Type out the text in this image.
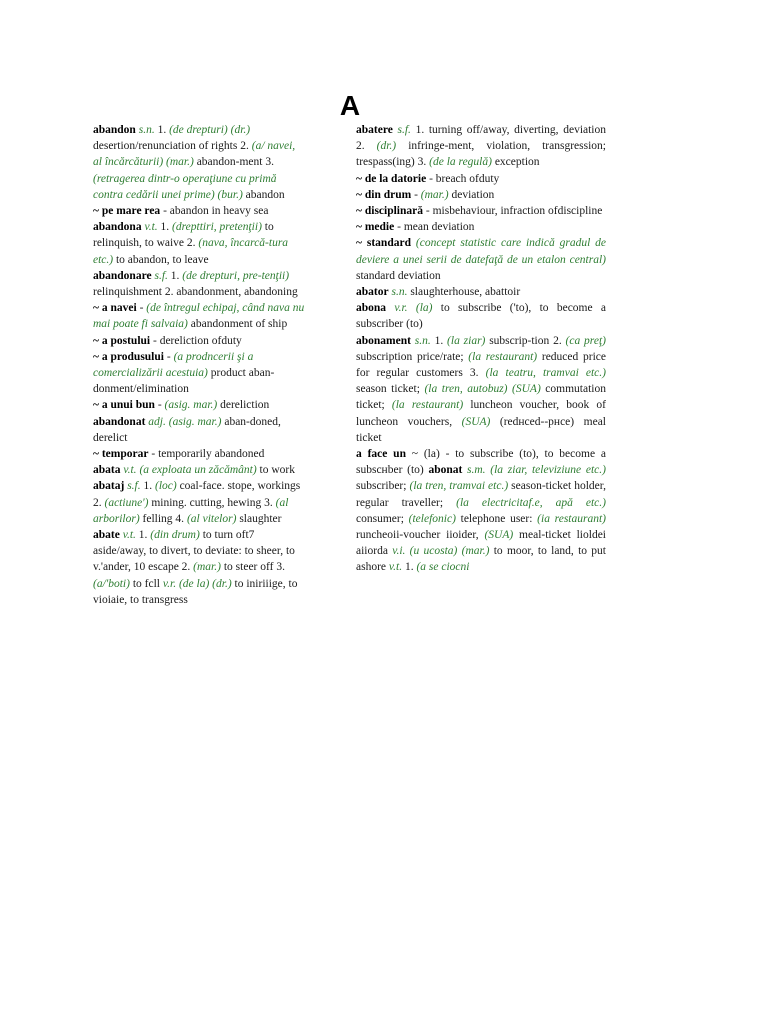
A

abandon s.n. 1. (de drepturi) (dr.) desertion/renunciation of rights 2. (a/ navei, al încărcăturii) (mar.) abandon-ment 3. (retragerea dintr-o operaţiune cu primă contra cedării unei prime) (bur.) abandon

~ pe mare rea - abandon in heavy sea

abandona v.t. 1. (drepttiri, pretenţii) to relinquish, to waive 2. (nava, încarcă-tura etc.) to abandon, to leave

abandonare s.f. 1. (de drepturi, pre-tenţii) relinquishment 2. abandonment, abandoning

~ a navei - (de întregul echipaj, când nava nu mai poate fi salvaia) abandonment of ship

~ a postului - dereliction ofduty

~ a produsului - (a prodncerii şi a comercializării acestuia) product aban-donment/elimination

~ a unui bun - (asig. mar.) dereliction

abandonat adj. (asig. mar.) aban-doned, derelict

~ temporar - temporarily abandoned

abata v.t. (a exploata un zăcământ) to work

abataj s.f. 1. (loc) coal-face. stope, workings 2. (actiune') mining. cutting, hewing 3. (al arborilor) felling 4. (al vitelor) slaughter

abate v.t. 1. (din drum) to turn oft7 aside/away, to divert, to deviate: to sheer, to v.'ander, 10 escape 2. (mar.) to steer off 3. (a/'boti) to fcll v.r. (de la) (dr.) to iniriiige, to vioiaie, to transgress

abatere s.f. 1. turning off/away, diverting, deviation 2. (dr.) infringe-ment, violation, transgression; trespass(ing) 3. (de la regulă) exception

~ de la datorie - breach ofduty

~ din drum - (mar.) deviation

~ disciplinară - misbehaviour, infraction ofdiscipline

~ medie - mean deviation

~ standard (concept statistic care indică gradul de deviere a unei serii de datefaţă de un etalon central) standard deviation

abator s.n. slaughterhouse, abattoir

abona v.r. (la) to subscribe ('to), to become a subscriber (to)

abonament s.n. 1. (la ziar) subscrip-tion 2. (ca preţ) subscription price/rate; (la restaurant) reduced price for regular customers 3. (la teatru, tramvai etc.) season ticket; (la tren, autobuz) (SUA) commutation ticket; (la restaurant) luncheon voucher, book of luncheon vouchers, (SUA) (redнced--pнce) meal ticket

a face un ~ (la) - to subscribe (to), to become a subscнber (to) abonat s.m. (la ziar, televiziune etc.) subscriber; (la tren, tramvai etc.) season-ticket holder, regular traveller; (la electricitaf.e, apă etc.) consumer; (telefonic) telephone user: (ia restaurant) runcheoii-voucher iioider, (SUA) meal-ticket lioldei aiiorda v.i. (u ucosta) (mar.) to moor, to land, to put ashore v.t. 1. (a se ciocni
